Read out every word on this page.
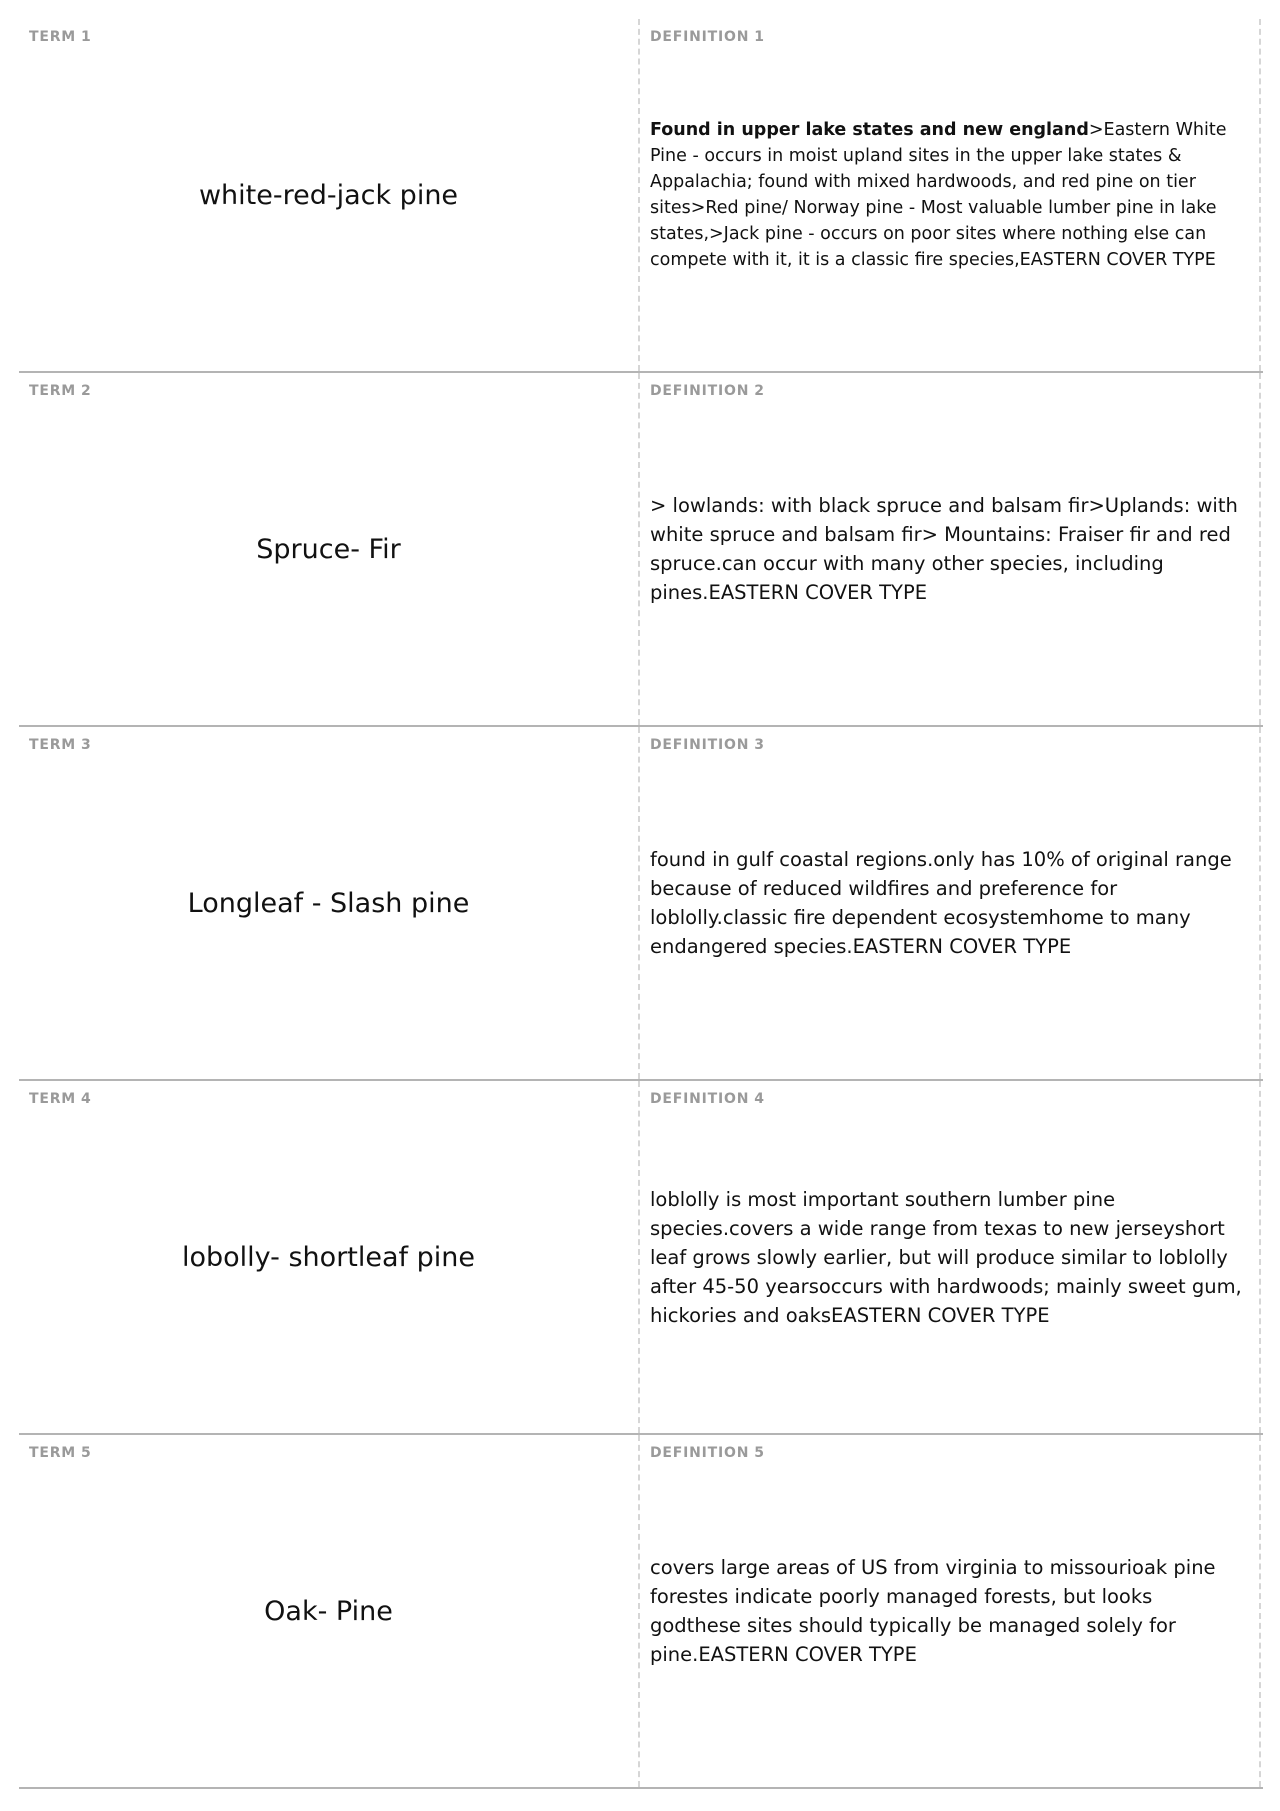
TERM 1
white-red-jack pine
DEFINITION 1
Found in upper lake states and new england>Eastern White Pine - occurs in moist upland sites in the upper lake states & Appalachia; found with mixed hardwoods, and red pine on tier sites>Red pine/ Norway pine - Most valuable lumber pine in lake states,>Jack pine - occurs on poor sites where nothing else can compete with it, it is a classic fire species,EASTERN COVER TYPE
TERM 2
Spruce- Fir
DEFINITION 2
> lowlands: with black spruce and balsam fir>Uplands: with white spruce and balsam fir> Mountains: Fraiser fir and red spruce.can occur with many other species, including pines.EASTERN COVER TYPE
TERM 3
Longleaf - Slash pine
DEFINITION 3
found in gulf coastal regions.only has 10% of original range because of reduced wildfires and preference for loblolly.classic fire dependent ecosystemhome to many endangered species.EASTERN COVER TYPE
TERM 4
lobolly- shortleaf pine
DEFINITION 4
loblolly is most important southern lumber pine species.covers a wide range from texas to new jerseyshort leaf grows slowly earlier, but will produce similar to loblolly after 45-50 yearsoccurs with hardwoods; mainly sweet gum, hickories and oaksEASTERN COVER TYPE
TERM 5
Oak- Pine
DEFINITION 5
covers large areas of US from virginia to missourioak pine forestes indicate poorly managed forests, but looks godthese sites should typically be managed solely for pine.EASTERN COVER TYPE
